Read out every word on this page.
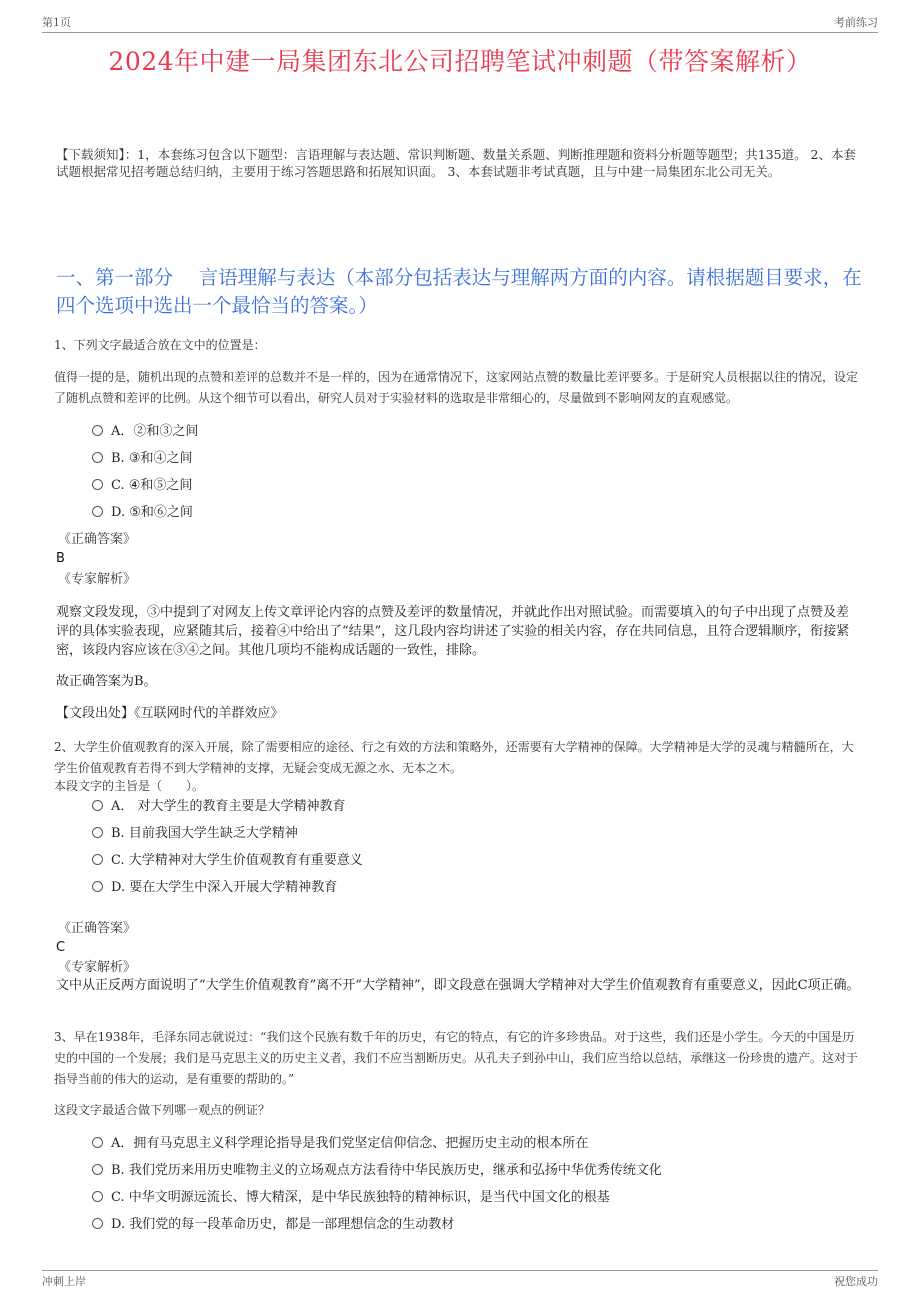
第1页	考前练习
2024年中建一局集团东北公司招聘笔试冲刺题（带答案解析）
【下载须知】：1，本套练习包含以下题型：言语理解与表达题、常识判断题、数量关系题、判断推理题和资料分析题等题型；共135道。 2、本套试题根据常见招考题总结归纳，主要用于练习答题思路和拓展知识面。 3、本套试题非考试真题，且与中建一局集团东北公司无关。
一、第一部分　 言语理解与表达（本部分包括表达与理解两方面的内容。请根据题目要求，在四个选项中选出一个最恰当的答案。）
1、下列文字最适合放在文中的位置是：
值得一提的是，随机出现的点赞和差评的总数并不是一样的，因为在通常情况下，这家网站点赞的数量比差评要多。于是研究人员根据以往的情况，设定了随机点赞和差评的比例。从这个细节可以看出，研究人员对于实验材料的选取是非常细心的，尽量做到不影响网友的直观感觉。
A．②和③之间
B. ③和④之间
C. ④和⑤之间
D. ⑤和⑥之间
《正确答案》
B
《专家解析》
观察文段发现，③中提到了对网友上传文章评论内容的点赞及差评的数量情况，并就此作出对照试验。而需要填入的句子中出现了点赞及差评的具体实验表现，应紧随其后，接着④中给出了“结果”，这几段内容均讲述了实验的相关内容，存在共同信息，且符合逻辑顺序，衔接紧密，该段内容应该在③④之间。其他几项均不能构成话题的一致性，排除。
故正确答案为B。
【文段出处】《互联网时代的羊群效应》
2、大学生价值观教育的深入开展，除了需要相应的途径、行之有效的方法和策略外，还需要有大学精神的保障。大学精神是大学的灵魂与精髓所在，大学生价值观教育若得不到大学精神的支撑，无疑会变成无源之水、无本之木。
本段文字的主旨是（　　）。
A． 对大学生的教育主要是大学精神教育
B. 目前我国大学生缺乏大学精神
C. 大学精神对大学生价值观教育有重要意义
D. 要在大学生中深入开展大学精神教育
《正确答案》
C
《专家解析》
文中从正反两方面说明了“大学生价值观教育”离不开“大学精神”，即文段意在强调大学精神对大学生价值观教育有重要意义，因此C项正确。
3、早在1938年，毛泽东同志就说过：“我们这个民族有数千年的历史，有它的特点，有它的许多珍贵品。对于这些，我们还是小学生。今天的中国是历史的中国的一个发展；我们是马克思主义的历史主义者，我们不应当割断历史。从孔夫子到孙中山，我们应当给以总结，承继这一份珍贵的遗产。这对于指导当前的伟大的运动，是有重要的帮助的。”
这段文字最适合做下列哪一观点的例证？
A．拥有马克思主义科学理论指导是我们党坚定信仰信念、把握历史主动的根本所在
B. 我们党历来用历史唯物主义的立场观点方法看待中华民族历史，继承和弘扬中华优秀传统文化
C. 中华文明源远流长、博大精深，是中华民族独特的精神标识，是当代中国文化的根基
D. 我们党的每一段革命历史，都是一部理想信念的生动教材
冲刺上岸	祝您成功
